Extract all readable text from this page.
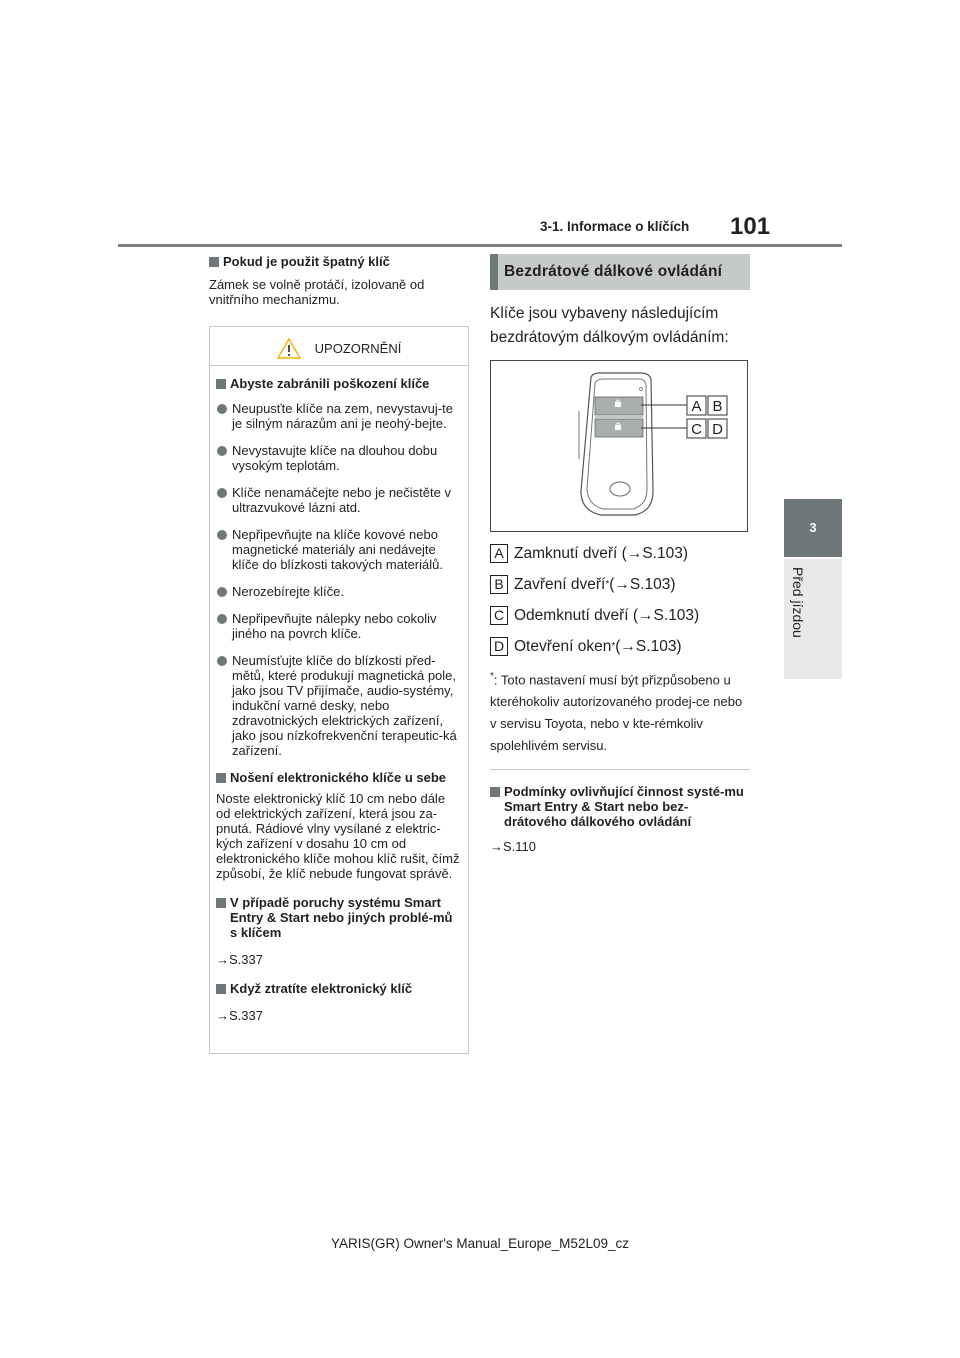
3-1. Informace o klíčích 101
3
Před jízdou
Pokud je použit špatný klíč
Zámek se volně protáčí, izolovaně od vnitřního mechanizmu.
UPOZORNĚNÍ
Abyste zabránili poškození klíče
Neupusťte klíče na zem, nevystavuj-te je silným nárazům ani je neohý-bejte.
Nevystavujte klíče na dlouhou dobu vysokým teplotám.
Klíče nenamáčejte nebo je nečistěte v ultrazvukové lázni atd.
Nepřipevňujte na klíče kovové nebo magnetické materiály ani nedávejte klíče do blízkosti takových materiálů.
Nerozebírejte klíče.
Nepřipevňujte nálepky nebo cokoliv jiného na povrch klíče.
Neumísťujte klíče do blízkosti před-mětů, které produkují magnetická pole, jako jsou TV přijímače, audio-systémy, indukční varné desky, nebo zdravotnických elektrických zařízení, jako jsou nízkofrekvenční terapeutic-ká zařízení.
Nošení elektronického klíče u sebe
Noste elektronický klíč 10 cm nebo dále od elektrických zařízení, která jsou za-pnutá. Rádiové vlny vysílané z elektric-kých zařízení v dosahu 10 cm od elektronického klíče mohou klíč rušit, čímž způsobí, že klíč nebude fungovat správě.
V případě poruchy systému Smart Entry & Start nebo jiných problé-mů s klíčem
→S.337
Když ztratíte elektronický klíč
→S.337
Bezdrátové dálkové ovládání
Klíče jsou vybaveny následujícím bezdrátovým dálkovým ovládáním:
A B
C D
A Zamknutí dveří (→S.103)
B Zavření dveří * (→S.103)
C Odemknutí dveří (→S.103)
D Otevření oken * (→S.103)
*: Toto nastavení musí být přizpůsobeno u kteréhokoliv autorizovaného prodej-ce nebo v servisu Toyota, nebo v kte-rémkoliv spolehlivém servisu.
Podmínky ovlivňující činnost systé-mu Smart Entry & Start nebo bez-drátového dálkového ovládání
→S.110
YARIS(GR) Owner's Manual_Europe_M52L09_cz
